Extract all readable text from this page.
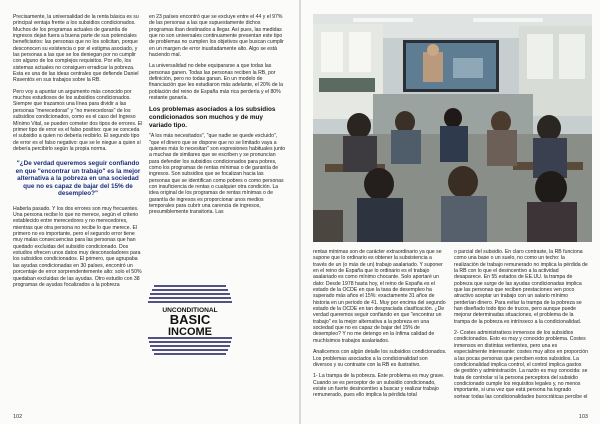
Precisamente, la universalidad de la renta básica es su principal ventaja frente a los subsidios condicionados. Muchos de los programas actuales de garantía de ingresos dejan fuera a buena parte de sus potenciales beneficiarios: las personas que no los solicitan, porque desconocen su existencia o por el estigma asociado, y las personas a las que se los deniegan por no cumplir con alguno de los complejos requisitos. Por ello, los sistemas actuales no consiguen erradicar la pobreza. Esta es una de las ideas centrales que defiende Daniel Raventós en sus trabajos sobre la RB.

Pero voy a apuntar un argumento más conocido por muchos estudiosos de los subsidios condicionados. Siempre que trazamos una línea para dividir a las personas "merecedoras" y "no merecedoras" de los subsidios condicionados, como es el caso del Ingreso Mínimo Vital, se pueden cometer dos tipos de errores. El primer tipo de error es el falso positivo: que se conceda el subsidio a quien no debería recibirlo. El segundo tipo de error es el falso negativo: que se le niegue a quien sí debería percibirlo según la propia norma.

"¿De verdad queremos seguir confiando en que "encontrar un trabajo" es la mejor alternativa a la pobreza en una sociedad que no es capaz de bajar del 15% de desempleo?"

Haberla pasado. Y los dos errores son muy frecuentes. Una persona recibe lo que no merece, según el criterio establecido entre merecedores y no merecedores, mientras que otra persona no recibe lo que merece. El primero no es importante, pero el segundo error tiene muy malas consecuencias para las personas que han quedado excluidas del subsidio condicionado. Dos estudios ofrecen unos datos muy desconsoladores para los subsidios condicionados. El primero, que agrupaba las ayudas condicionadas en 30 países, encontró un porcentaje de error sorprendentemente alto: solo el 50% quedaban excluidas de las ayudas. Otro estudio con 38 programas de ayudas focalizados a la pobreza

en 23 países encontró que se excluye entre el 44 y el 97% de las personas a las que supuestamente dichos programas iban destinados a llegar. Así pues, las medidas que no son universales continuamente presentan este tipo de problemas no cumplen los objetivos que buscan cumplir en un margen de error inusitadamente alto. Algo se está haciendo mal.

La universalidad no debe equipararse a que todas las personas ganen. Todas las personas reciben la RB, por definición, pero no todas ganan. En un modelo de financiación que les estudiaron más adelante, el 20% de la población del reino de España más rica perdería y el 80% restante ganaría.

Los problemas asociados a los subsidios condicionados son muchos y de muy variado tipo.

"A los más necesitados", "que nadie se quede excluido", "que el dinero que se dispone que no se limitado vaya a quienes más lo necesitan" son expresiones habituales junto a muchas de similares que se escriben y se pronuncian para defender los subsidios condicionados para pobres, como los programas de rentas mínimas o de garantía de ingresos. Son subsidios que se focalizan hacia las personas que se identifican como pobres o como personas con insuficiencia de rentas o cualquier otra condición. La idea original de los programas de rentas mínimas o de garantía de ingresos es proporcionar unos medios temporales para cubrir una carencia de ingresos, presumiblemente transitoria. Las

UNCONDITIONAL
BASIC
INCOME
102

rentas mínimas son de carácter extraordinario ya que se supone que lo ordinario es obtener la subsistencia a través de un (o más de un) trabajo asalariado. Y suponer en el reino de España que lo ordinario es el trabajo asalariado es como mínimo chocante. Solo aportaré un dato: Desde 1978 hasta hoy, el reino de España es el estado de la OCDE en que la tasa de desempleo ha superado más años el 15%: exactamente 31 años de historia en un periodo de 41. Muy por encima del segundo estado de la OCDE en tan desgraciada clasificación. ¿De verdad queremos seguir confiando en que "encontrar un trabajo" es la mejor alternativa a la pobreza en una sociedad que no es capaz de bajar del 15% de desempleo? Y no me detengo en la ínfima calidad de muchísimos trabajos asalariados.

Analicemos con algún detalle los subsidios condicionados. Los problemas asociados a la condicionalidad son diversos y su contraste con la RB es ilustrativo.

1- La trampa de la pobreza. Este problema es muy grave. Cuando se es perceptor de un subsidio condicionado, existe un fuerte desincentivo a buscar y realizar trabajo remunerado, pues ello implica la pérdida total

o parcial del subsidio. En claro contraste, la RB funciona como una base o un suelo, no como un techo: la realización de trabajo remunerado no implica la pérdida de la RB con lo que el desincentivo a la actividad desaparece. En 55 estados de EE.UU. la trampa de pobreza que surge de las ayudas condicionadas implica que las personas que reciben prestaciones ven poco atractivo aceptar un trabajo con un salario mínimo perderían dinero. Para evitar la trampa de la pobreza se han diseñado todo tipo de trucos, pero aunque puede mejorar determinadas situaciones, el problema de la trampa de la pobreza es intrínseco a la condicionalidad.

2- Costes administrativos inmensos de los subsidios condicionados. Esto es muy y conocido problema. Costes inmensos en distintas vertientes, pero una es especialmente interesante: costes muy altos en proporción a las pocas personas que perciben estos subsidios. La condicionalidad implica control, el control implica gastos de gestión y administración. La razón es muy conocida: se trata de controlar si la persona perceptora del subsidio condicionado cumple los requisitos legales y, no menos importante, si una vez que está persona ha logrado sortear todas las condicionalidades burocráticas percibe el

103
